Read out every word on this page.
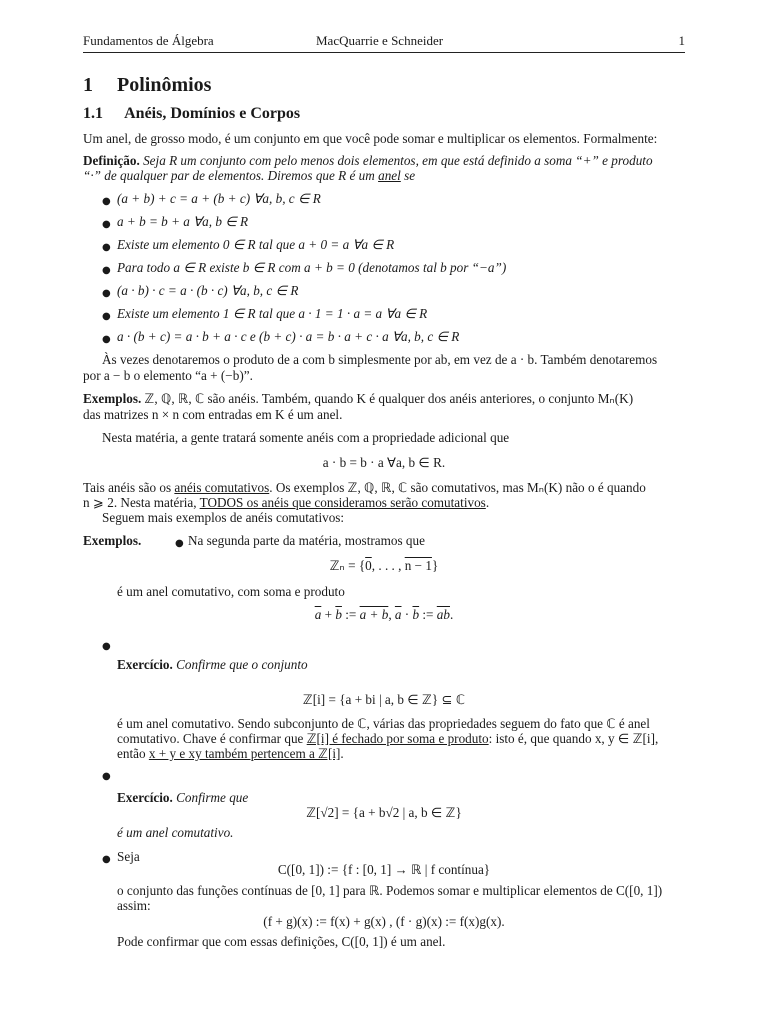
Fundamentos de Álgebra	MacQuarrie e Schneider	1
1 Polinômios
1.1 Anéis, Domínios e Corpos
Um anel, de grosso modo, é um conjunto em que você pode somar e multiplicar os elementos. Formalmente:
Definição. Seja R um conjunto com pelo menos dois elementos, em que está definido a soma “+” e produto
“·” de qualquer par de elementos. Diremos que R é um anel se
● (a + b) + c = a + (b + c) ∀a, b, c ∈ R
● a + b = b + a ∀a, b ∈ R
● Existe um elemento 0 ∈ R tal que a + 0 = a ∀a ∈ R
● Para todo a ∈ R existe b ∈ R com a + b = 0 (denotamos tal b por “−a”)
● (a · b) · c = a · (b · c) ∀a, b, c ∈ R
● Existe um elemento 1 ∈ R tal que a · 1 = 1 · a = a ∀a ∈ R
● a · (b + c) = a · b + a · c e (b + c) · a = b · a + c · a ∀a, b, c ∈ R
Às vezes denotaremos o produto de a com b simplesmente por ab, em vez de a · b. Também denotaremos
por a − b o elemento “a + (−b)”.
Exemplos. ℤ, ℚ, ℝ, ℂ são anéis. Também, quando K é qualquer dos anéis anteriores, o conjunto Mₙ(K)
das matrizes n × n com entradas em K é um anel.
Nesta matéria, a gente tratará somente anéis com a propriedade adicional que
a · b = b · a ∀a, b ∈ R.
Tais anéis são os anéis comutativos. Os exemplos ℤ, ℚ, ℝ, ℂ são comutativos, mas Mₙ(K) não o é quando
n ⩾ 2. Nesta matéria, TODOS os anéis que consideramos serão comutativos.
Seguem mais exemplos de anéis comutativos:
Exemplos.	● Na segunda parte da matéria, mostramos que
ℤₙ = {0, . . . , n − 1}
é um anel comutativo, com soma e produto
$\overline{a} + \overline{b}$ := a + b, $\overline{a} \cdot \overline{b}$ := $\overline{ab}$.
●
Exercício. Confirme que o conjunto
ℤ[i] = {a + bi | a, b ∈ ℤ} ⊆ ℂ
é um anel comutativo. Sendo subconjunto de ℂ, várias das propriedades seguem do fato que ℂ é anel
comutativo. Chave é confirmar que ℤ[i] é fechado por soma e produto: isto é, que quando x, y ∈ ℤ[i],
então x + y e xy também pertencem a ℤ[i].
●
Exercício. Confirme que
ℤ[√2] = {a + b√2 | a, b ∈ ℤ}
é um anel comutativo.
● Seja
C([0, 1]) := {f : [0, 1] → ℝ | f contínua}
o conjunto das funções contínuas de [0, 1] para ℝ. Podemos somar e multiplicar elementos de C([0, 1])
assim:
(f + g)(x) := f(x) + g(x) , (f · g)(x) := f(x)g(x).
Pode confirmar que com essas definições, C([0, 1]) é um anel.
